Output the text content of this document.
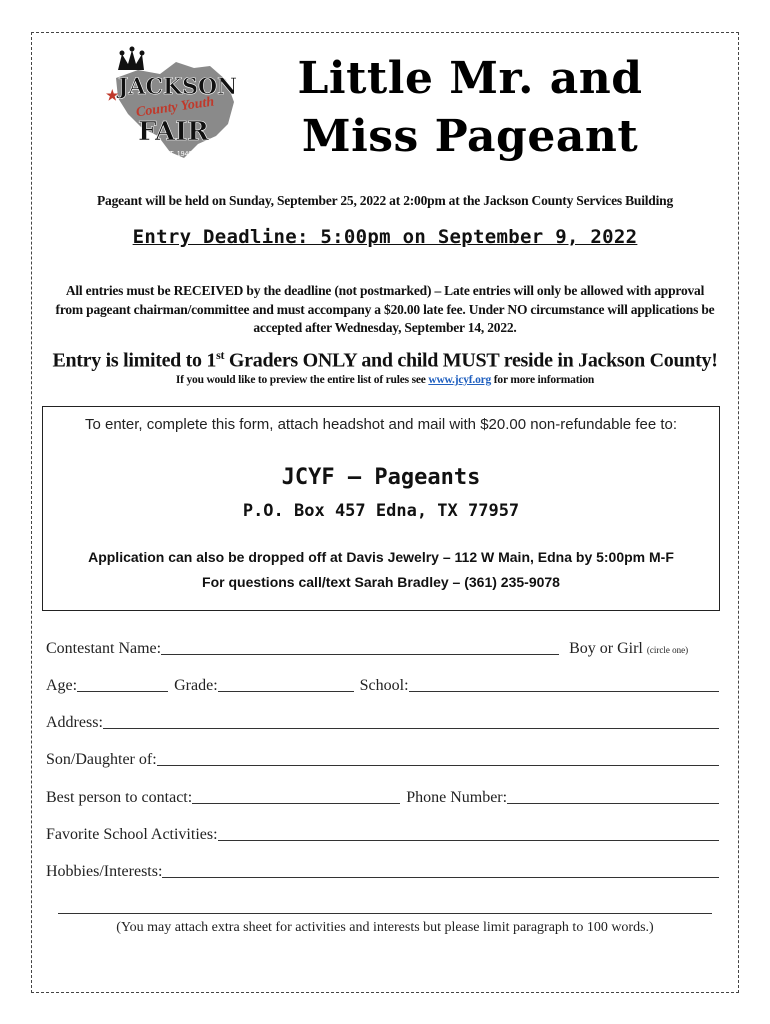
★ JACKSON
County Youth
FAIR
EST. 1949
Little Mr. and
Miss Pageant
Pageant will be held on Sunday, September 25, 2022 at 2:00pm at the Jackson County Services Building
Entry Deadline: 5:00pm on September 9, 2022
All entries must be RECEIVED by the deadline (not postmarked) – Late entries will only be allowed with approval from pageant chairman/committee and must accompany a $20.00 late fee. Under NO circumstance will applications be accepted after Wednesday, September 14, 2022.
Entry is limited to 1st Graders ONLY and child MUST reside in Jackson County!
If you would like to preview the entire list of rules see www.jcyf.org for more information
To enter, complete this form, attach headshot and mail with $20.00 non-refundable fee to:
JCYF – Pageants
P.O. Box 457 Edna, TX 77957
Application can also be dropped off at Davis Jewelry – 112 W Main, Edna by 5:00pm M-F
For questions call/text Sarah Bradley – (361) 235-9078
Contestant Name:	Boy or Girl (circle one)
Age:	Grade:	School:
Address:
Son/Daughter of:
Best person to contact:	Phone Number:
Favorite School Activities:
Hobbies/Interests:
(You may attach extra sheet for activities and interests but please limit paragraph to 100 words.)
